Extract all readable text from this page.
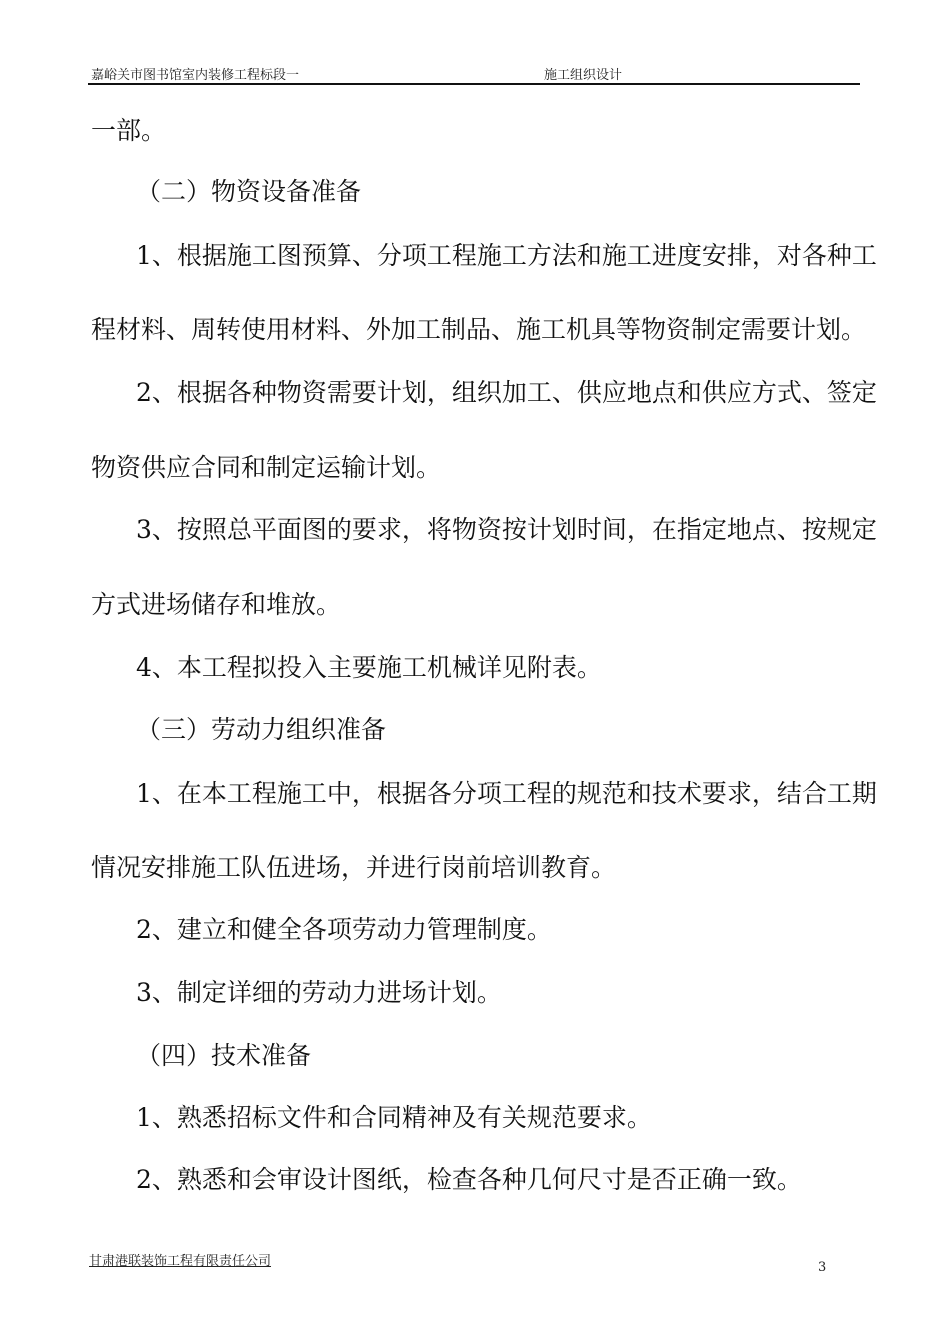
嘉峪关市图书馆室内装修工程标段一	施工组织设计
一部。
（二）物资设备准备
1、根据施工图预算、分项工程施工方法和施工进度安排，对各种工
程材料、周转使用材料、外加工制品、施工机具等物资制定需要计划。
2、根据各种物资需要计划，组织加工、供应地点和供应方式、签定
物资供应合同和制定运输计划。
3、按照总平面图的要求，将物资按计划时间，在指定地点、按规定
方式进场储存和堆放。
4、本工程拟投入主要施工机械详见附表。
（三）劳动力组织准备
1、在本工程施工中，根据各分项工程的规范和技术要求，结合工期
情况安排施工队伍进场，并进行岗前培训教育。
2、建立和健全各项劳动力管理制度。
3、制定详细的劳动力进场计划。
（四）技术准备
1、熟悉招标文件和合同精神及有关规范要求。
2、熟悉和会审设计图纸，检查各种几何尺寸是否正确一致。
甘肃港联装饰工程有限责任公司	3
